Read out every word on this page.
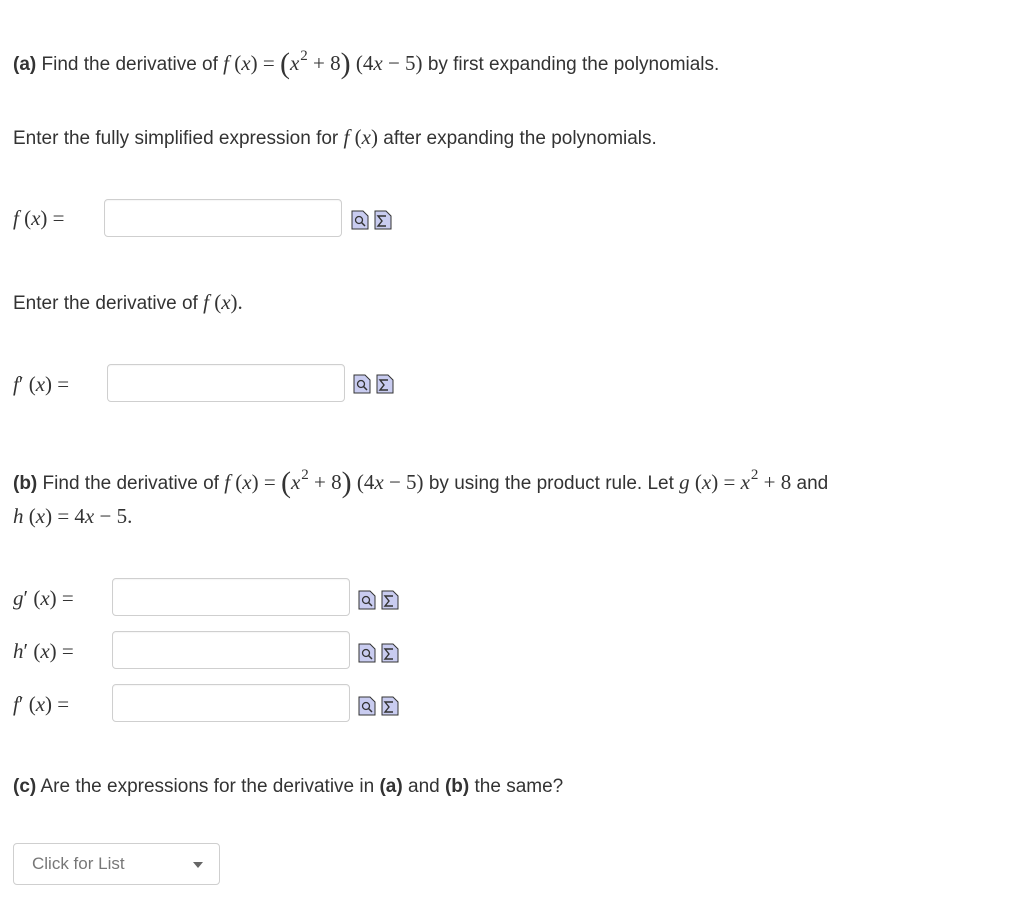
(a) Find the derivative of f $(x) = (x^2 + 8) (4x - 5)$ by first expanding the polynomials.
Enter the fully simplified expression for f (x) after expanding the polynomials.
f (x) =
Enter the derivative of f (x).
f′ (x) =
(b) Find the derivative of f $(x) = (x^2 + 8) (4x - 5)$ by using the product rule. Let g $(x) = x^2 + 8$ and
h (x) = 4x − 5.
g′ (x) =
h′ (x) =
f′ (x) =
(c) Are the expressions for the derivative in (a) and (b) the same?
Click for List
